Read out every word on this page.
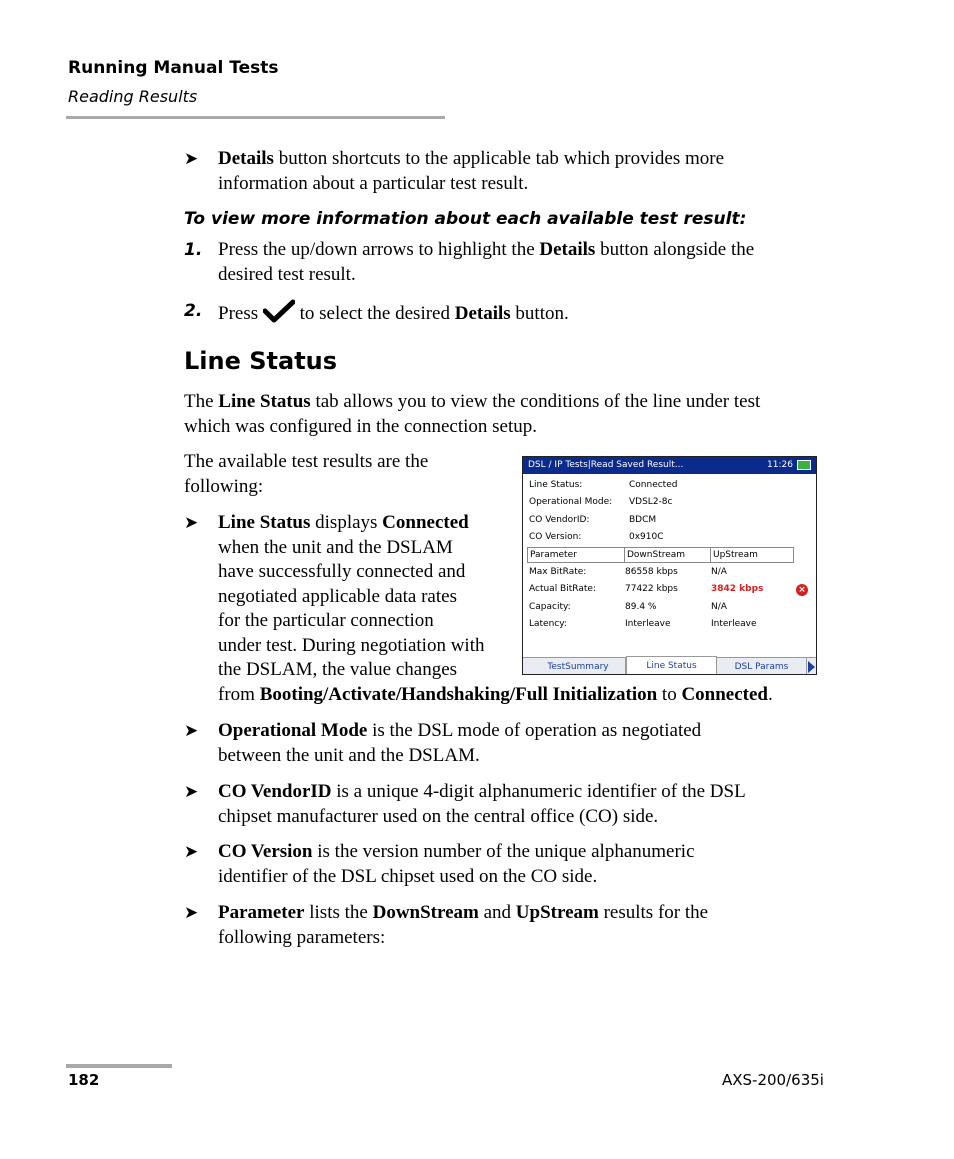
Running Manual Tests
Reading Results
➤ Details button shortcuts to the applicable tab which provides more
information about a particular test result.
To view more information about each available test result:
1. Press the up/down arrows to highlight the Details button alongside the
desired test result.
2. Press to select the desired Details button.
Line Status
The Line Status tab allows you to view the conditions of the line under test
which was configured in the connection setup.
The available test results are the
following:
➤ Line Status displays Connected
when the unit and the DSLAM
have successfully connected and
negotiated applicable data rates
for the particular connection
under test. During negotiation with
the DSLAM, the value changes
from Booting/Activate/Handshaking/Full Initialization to Connected.
DSL / IP Tests|Read Saved Result...	11:26
Line Status:	Connected
Operational Mode: VDSL2-8c
CO VendorID:	BDCM
CO Version:	0x910C
Parameter	DownStream	UpStream
Max BitRate:	86558 kbps	N/A
Actual BitRate:	77422 kbps	3842 kbps	×
Capacity:	89.4 %	N/A
Latency:	Interleave	Interleave
TestSummary	Line Status	DSL Params
➤ Operational Mode is the DSL mode of operation as negotiated
between the unit and the DSLAM.
➤ CO VendorID is a unique 4-digit alphanumeric identifier of the DSL
chipset manufacturer used on the central office (CO) side.
➤ CO Version is the version number of the unique alphanumeric
identifier of the DSL chipset used on the CO side.
➤ Parameter lists the DownStream and UpStream results for the
following parameters:
182	AXS-200/635i
